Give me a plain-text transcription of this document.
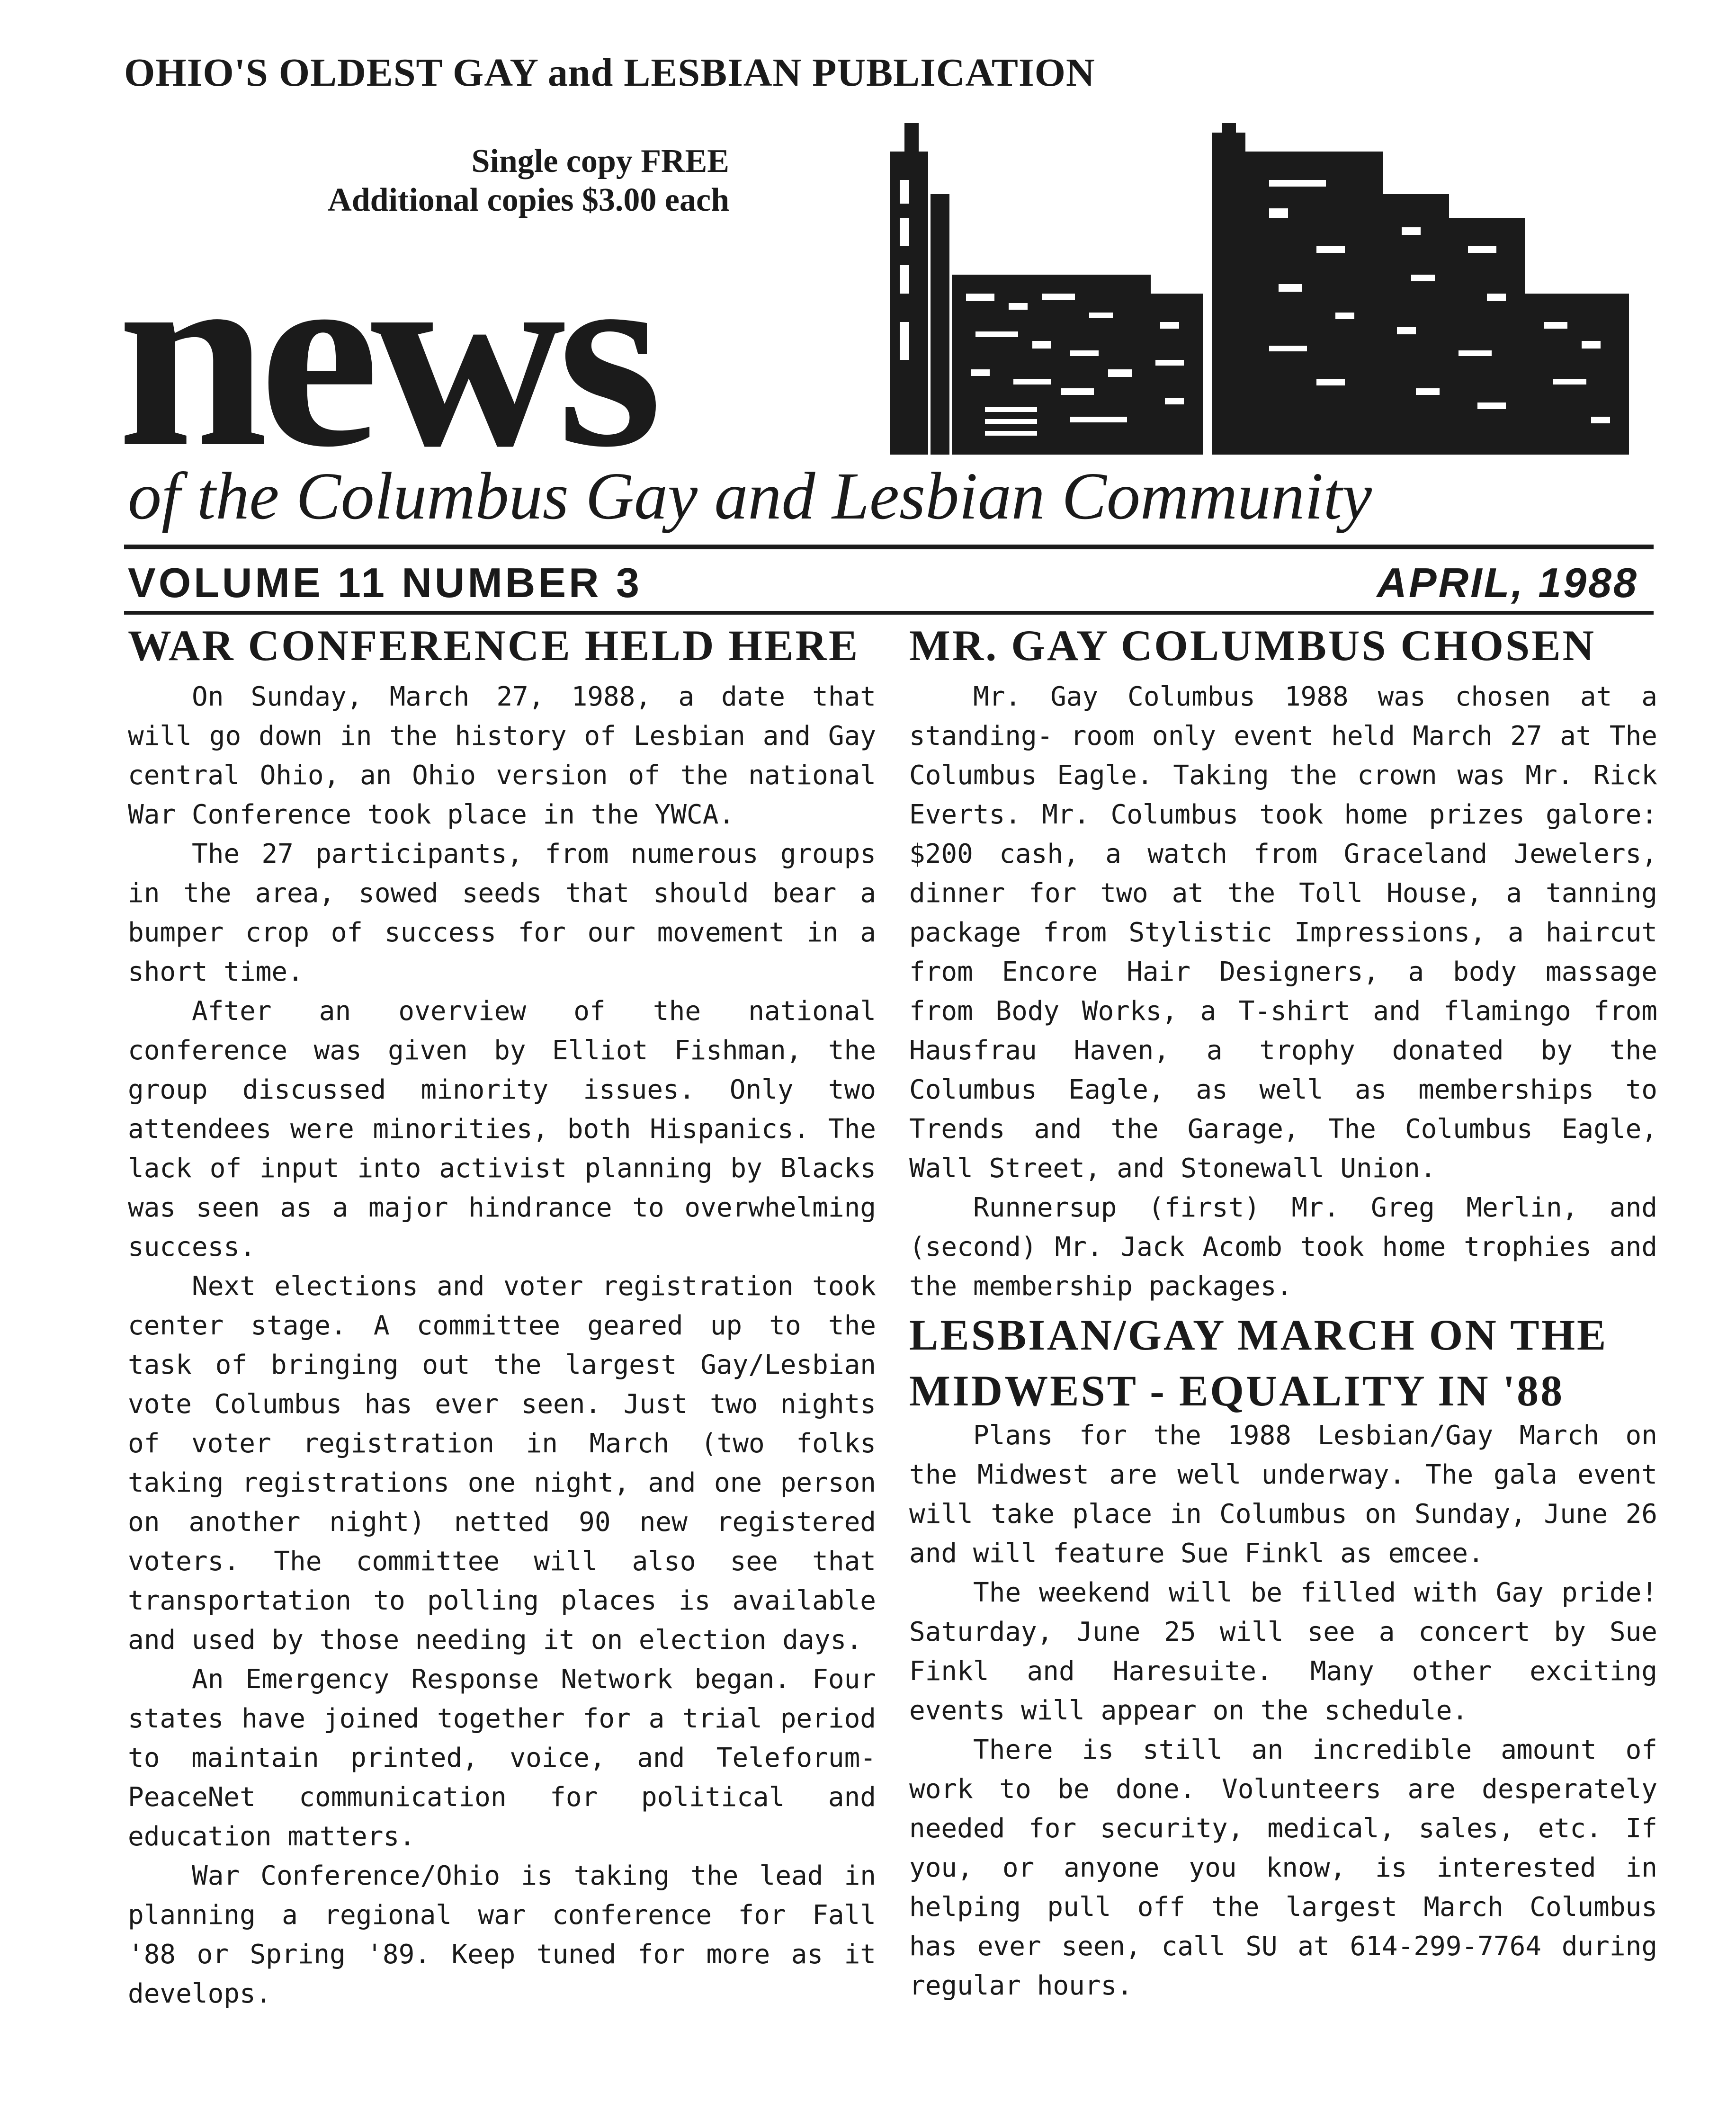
OHIO'S OLDEST GAY and LESBIAN PUBLICATION
Single copy FREE
Additional copies $3.00 each
news
of the Columbus Gay and Lesbian Community
VOLUME 11 NUMBER 3	APRIL, 1988
WAR CONFERENCE HELD HERE

On Sunday, March 27, 1988, a date that will go down in the history of Lesbian and Gay central Ohio, an Ohio version of the national War Conference took place in the YWCA.

The 27 participants, from numerous groups in the area, sowed seeds that should bear a bumper crop of success for our movement in a short time.

After an overview of the national conference was given by Elliot Fishman, the group discussed minority issues. Only two attendees were minorities, both Hispanics. The lack of input into activist planning by Blacks was seen as a major hindrance to overwhelming success.

Next elections and voter registration took center stage. A committee geared up to the task of bringing out the largest Gay/Lesbian vote Columbus has ever seen. Just two nights of voter registration in March (two folks taking registrations one night, and one person on another night) netted 90 new registered voters. The committee will also see that transportation to polling places is available and used by those needing it on election days.

An Emergency Response Network began. Four states have joined together for a trial period to maintain printed, voice, and Teleforum-PeaceNet communication for political and education matters.

War Conference/Ohio is taking the lead in planning a regional war conference for Fall '88 or Spring '89. Keep tuned for more as it develops.

MR. GAY COLUMBUS CHOSEN

Mr. Gay Columbus 1988 was chosen at a standing- room only event held March 27 at The Columbus Eagle. Taking the crown was Mr. Rick Everts. Mr. Columbus took home prizes galore: $200 cash, a watch from Graceland Jewelers, dinner for two at the Toll House, a tanning package from Stylistic Impressions, a haircut from Encore Hair Designers, a body massage from Body Works, a T-shirt and flamingo from Hausfrau Haven, a trophy donated by the Columbus Eagle, as well as memberships to Trends and the Garage, The Columbus Eagle, Wall Street, and Stonewall Union.

Runnersup (first) Mr. Greg Merlin, and (second) Mr. Jack Acomb took home trophies and the membership packages.

LESBIAN/GAY MARCH ON THE MIDWEST - EQUALITY IN '88

Plans for the 1988 Lesbian/Gay March on the Midwest are well underway. The gala event will take place in Columbus on Sunday, June 26 and will feature Sue Finkl as emcee.

The weekend will be filled with Gay pride! Saturday, June 25 will see a concert by Sue Finkl and Haresuite. Many other exciting events will appear on the schedule.

There is still an incredible amount of work to be done. Volunteers are desperately needed for security, medical, sales, etc. If you, or anyone you know, is interested in helping pull off the largest March Columbus has ever seen, call SU at 614-299-7764 during regular hours.
